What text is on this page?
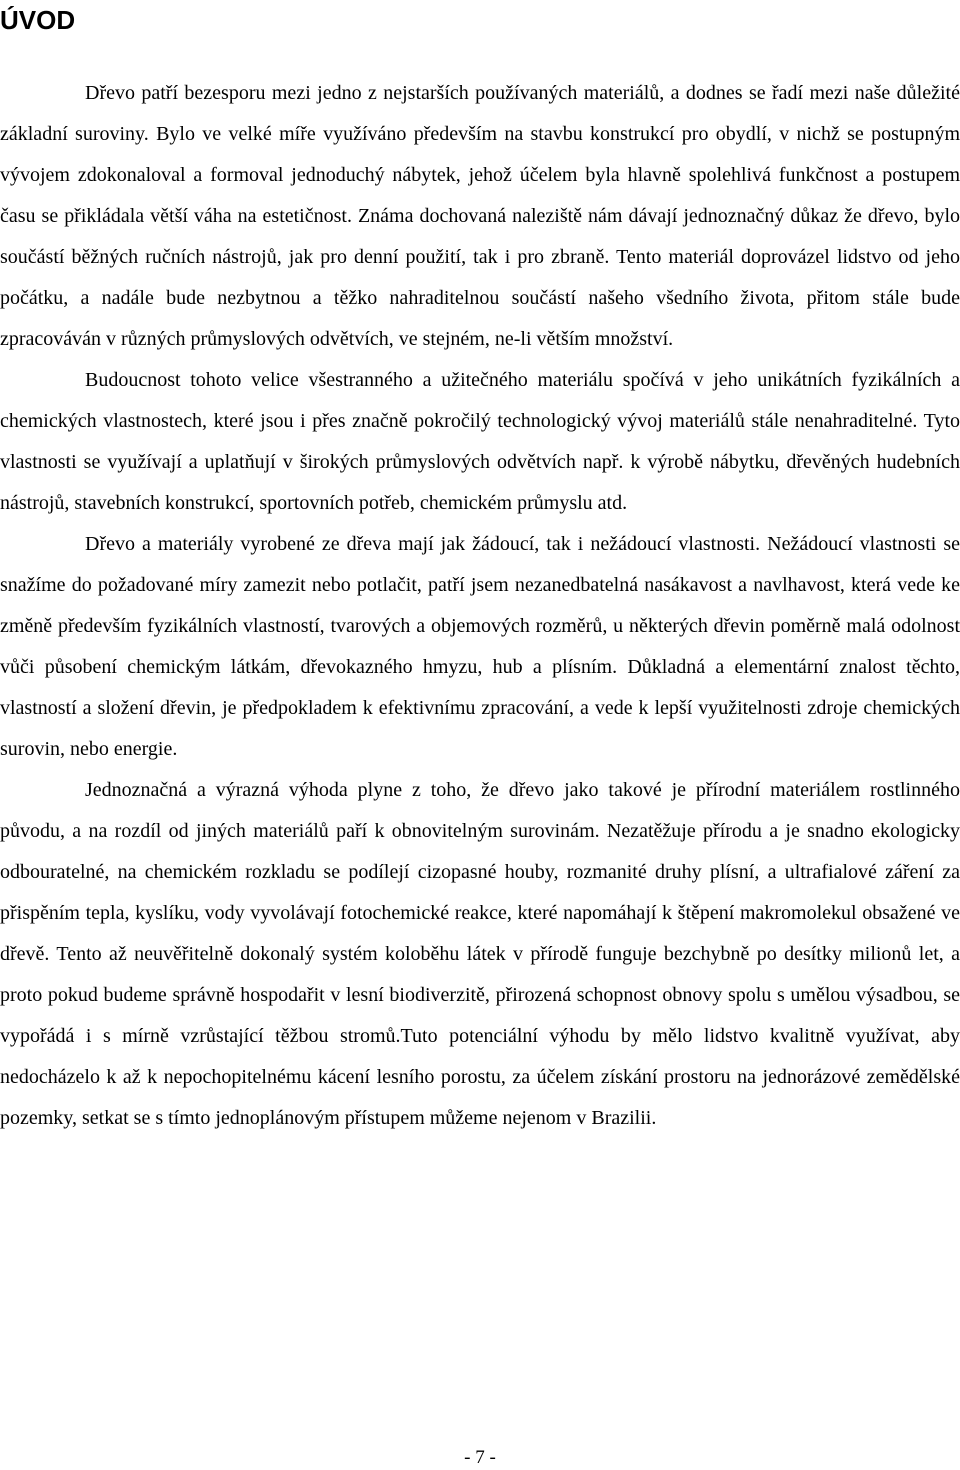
ÚVOD

Dřevo patří bezesporu mezi jedno z nejstarších používaných materiálů, a dodnes se řadí mezi naše důležité základní suroviny. Bylo ve velké míře využíváno především na stavbu konstrukcí pro obydlí, v nichž se postupným vývojem zdokonaloval a formoval jednoduchý nábytek, jehož účelem byla hlavně spolehlivá funkčnost a postupem času se přikládala větší váha na estetičnost. Známa dochovaná naleziště nám dávají jednoznačný důkaz že dřevo, bylo součástí běžných ručních nástrojů, jak pro denní použití, tak i pro zbraně. Tento materiál doprovázel lidstvo od jeho počátku, a nadále bude nezbytnou a těžko nahraditelnou součástí našeho všedního života, přitom stále bude zpracováván v různých průmyslových odvětvích, ve stejném, ne-li větším množství.

Budoucnost tohoto velice všestranného a užitečného materiálu spočívá v jeho unikátních fyzikálních a chemických vlastnostech, které jsou i přes značně pokročilý technologický vývoj materiálů stále nenahraditelné. Tyto vlastnosti se využívají a uplatňují v širokých průmyslových odvětvích např. k výrobě nábytku, dřevěných hudebních nástrojů, stavebních konstrukcí, sportovních potřeb, chemickém průmyslu atd.

Dřevo a materiály vyrobené ze dřeva mají jak žádoucí, tak i nežádoucí vlastnosti. Nežádoucí vlastnosti se snažíme do požadované míry zamezit nebo potlačit, patří jsem nezanedbatelná nasákavost a navlhavost, která vede ke změně především fyzikálních vlastností, tvarových a objemových rozměrů, u některých dřevin poměrně malá odolnost vůči působení chemickým látkám, dřevokazného hmyzu, hub a plísním. Důkladná a elementární znalost těchto, vlastností a složení dřevin, je předpokladem k efektivnímu zpracování, a vede k lepší využitelnosti zdroje chemických surovin, nebo energie.

Jednoznačná a výrazná výhoda plyne z toho, že dřevo jako takové je přírodní materiálem rostlinného původu, a na rozdíl od jiných materiálů paří k obnovitelným surovinám. Nezatěžuje přírodu a je snadno ekologicky odbouratelné, na chemickém rozkladu se podílejí cizopasné houby, rozmanité druhy plísní, a ultrafialové záření za přispěním tepla, kyslíku, vody vyvolávají fotochemické reakce, které napomáhají k štěpení makromolekul obsažené ve dřevě. Tento až neuvěřitelně dokonalý systém koloběhu látek v přírodě funguje bezchybně po desítky milionů let, a proto pokud budeme správně hospodařit v lesní biodiverzitě, přirozená schopnost obnovy spolu s umělou výsadbou, se vypořádá i s mírně vzrůstající těžbou stromů.Tuto potenciální výhodu by mělo lidstvo kvalitně využívat, aby nedocházelo k až k nepochopitelnému kácení lesního porostu, za účelem získání prostoru na jednorázové zemědělské pozemky, setkat se s tímto jednoplánovým přístupem můžeme nejenom v Brazilii.

- 7 -
